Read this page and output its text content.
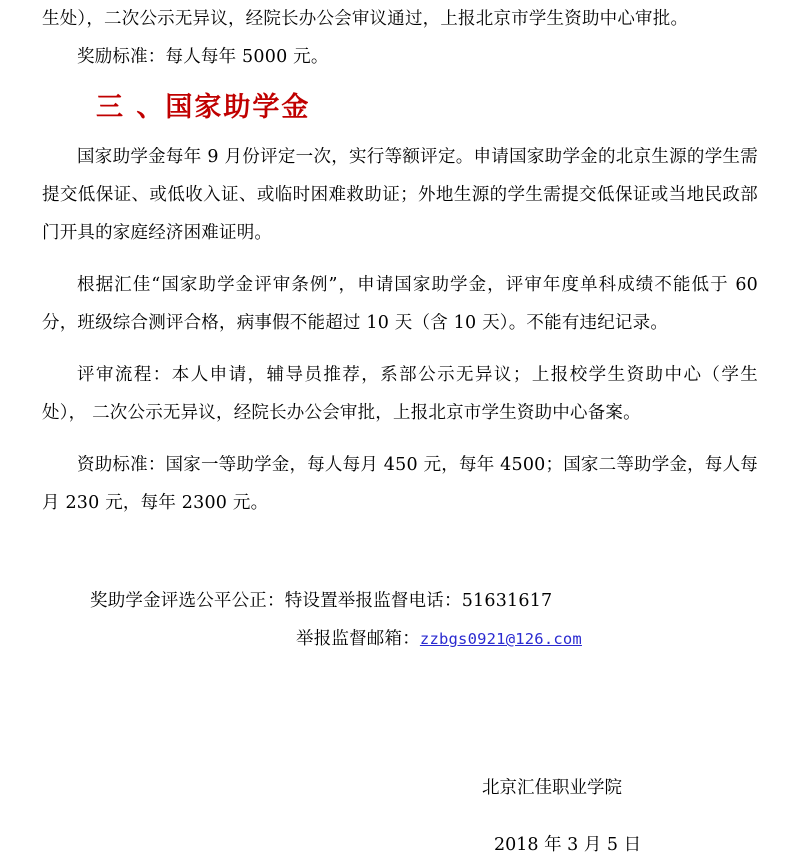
生处），二次公示无异议，经院长办公会审议通过，上报北京市学生资助中心审批。

奖励标准：每人每年 5000 元。

三 、国家助学金

国家助学金每年 9 月份评定一次，实行等额评定。申请国家助学金的北京生源的学生需提交低保证、或低收入证、或临时困难救助证；外地生源的学生需提交低保证或当地民政部门开具的家庭经济困难证明。

根据汇佳“国家助学金评审条例”，申请国家助学金，评审年度单科成绩不能低于 60 分，班级综合测评合格，病事假不能超过 10 天（含 10 天）。不能有违纪记录。

评审流程：本人申请，辅导员推荐，系部公示无异议；上报校学生资助中心（学生处）， 二次公示无异议，经院长办公会审批，上报北京市学生资助中心备案。

资助标准：国家一等助学金，每人每月 450 元，每年 4500；国家二等助学金，每人每月 230 元，每年 2300 元。

奖助学金评选公平公正：特设置举报监督电话：51631617

举报监督邮箱：zzbgs0921@126.com

北京汇佳职业学院

2018 年 3 月 5 日
